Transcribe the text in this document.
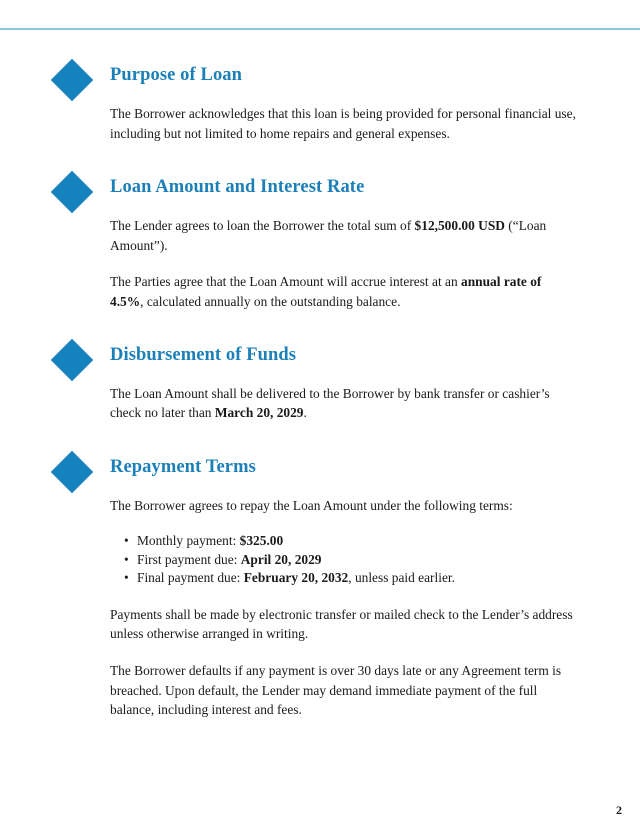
Purpose of Loan

The Borrower acknowledges that this loan is being provided for personal financial use, including but not limited to home repairs and general expenses.

Loan Amount and Interest Rate

The Lender agrees to loan the Borrower the total sum of $12,500.00 USD (“Loan Amount”).

The Parties agree that the Loan Amount will accrue interest at an annual rate of 4.5%, calculated annually on the outstanding balance.

Disbursement of Funds

The Loan Amount shall be delivered to the Borrower by bank transfer or cashier’s check no later than March 20, 2029.

Repayment Terms

The Borrower agrees to repay the Loan Amount under the following terms:

• Monthly payment: $325.00
• First payment due: April 20, 2029
• Final payment due: February 20, 2032, unless paid earlier.

Payments shall be made by electronic transfer or mailed check to the Lender’s address unless otherwise arranged in writing.

The Borrower defaults if any payment is over 30 days late or any Agreement term is breached. Upon default, the Lender may demand immediate payment of the full balance, including interest and fees.

2
